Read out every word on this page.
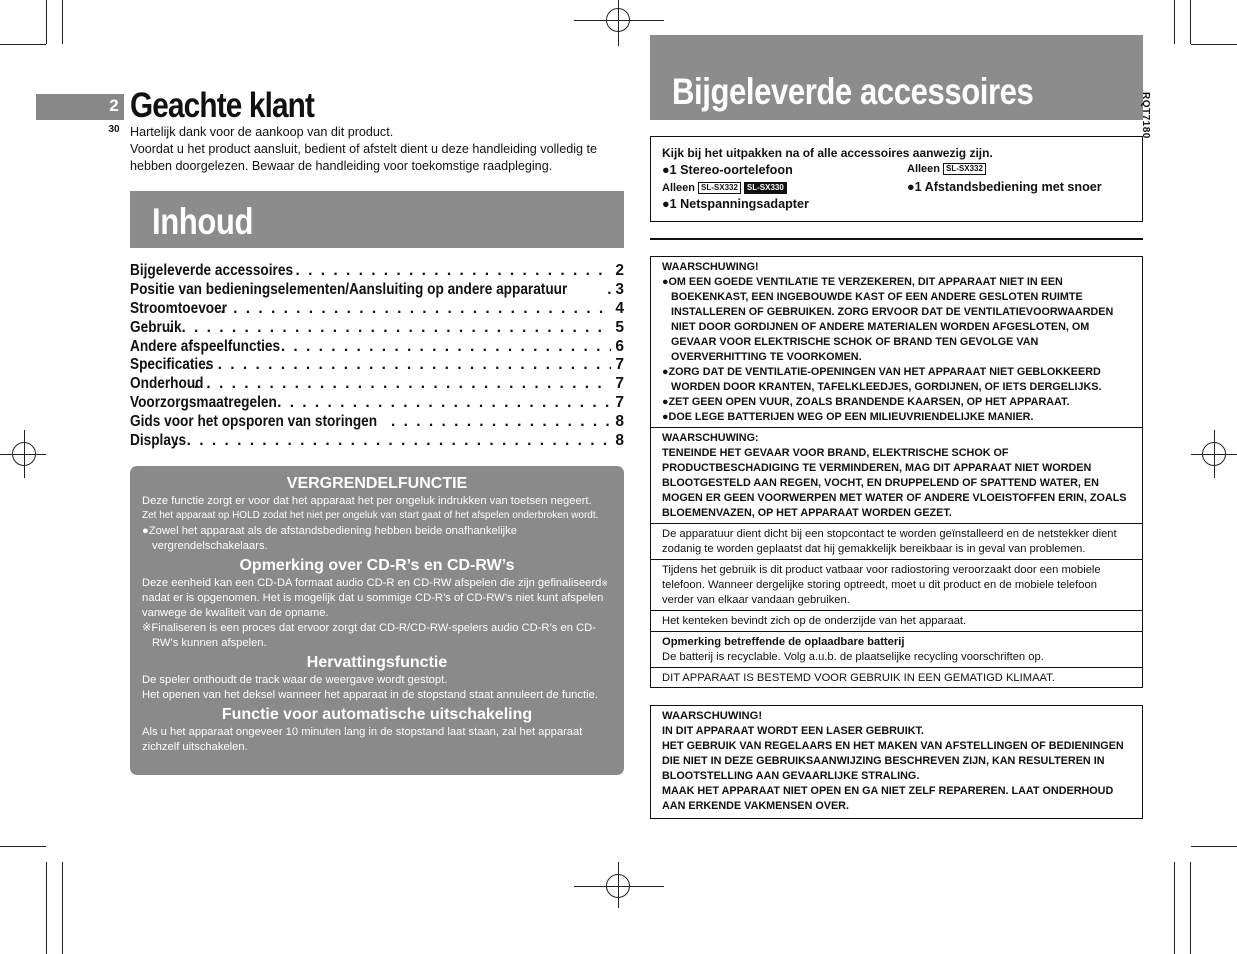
2
30
Geachte klant

Hartelijk dank voor de aankoop van dit product.

Voordat u het product aansluit, bedient of afstelt dient u deze handleiding volledig te hebben doorgelezen. Bewaar de handleiding voor toekomstige raadpleging.

Inhoud
Bijgeleverde accessoires . . .	2
Positie van bedieningselementen/Aansluiting op andere apparatuur . . .	3
Stroomtoevoer . . .	4
Gebruik . . .	5
Andere afspeelfuncties . . .	6
Specificaties . . .	7
Onderhoud . . .	7
Voorzorgsmaatregelen . . .	7
Gids voor het opsporen van storingen . . .	8
Displays . . .	8
VERGRENDELFUNCTIE

Deze functie zorgt er voor dat het apparaat het per ongeluk indrukken van toetsen negeert.

Zet het apparaat op HOLD zodat het niet per ongeluk van start gaat of het afspelen onderbroken wordt.

●Zowel het apparaat als de afstandsbediening hebben beide onafhankelijke vergrendelschakelaars.

Opmerking over CD-R’s en CD-RW’s

Deze eenheid kan een CD-DA formaat audio CD-R en CD-RW afspelen die zijn gefinaliseerd※ nadat er is opgenomen. Het is mogelijk dat u sommige CD-R’s of CD-RW’s niet kunt afspelen vanwege de kwaliteit van de opname.

※Finaliseren is een proces dat ervoor zorgt dat CD-R/CD-RW-spelers audio CD-R’s en CD-RW’s kunnen afspelen.

Hervattingsfunctie

De speler onthoudt de track waar de weergave wordt gestopt.

Het openen van het deksel wanneer het apparaat in de stopstand staat annuleert de functie.

Functie voor automatische uitschakeling

Als u het apparaat ongeveer 10 minuten lang in de stopstand laat staan, zal het apparaat zichzelf uitschakelen.

Bijgeleverde accessoires
RQT7180
Kijk bij het uitpakken na of alle accessoires aanwezig zijn.
●1 Stereo-oortelefoon
Alleen SL-SX332 SL-SX330
●1 Netspanningsadapter
Alleen SL-SX332
●1 Afstandsbediening met snoer
WAARSCHUWING!
●OM EEN GOEDE VENTILATIE TE VERZEKEREN, DIT APPARAAT NIET IN EEN BOEKENKAST, EEN INGEBOUWDE KAST OF EEN ANDERE GESLOTEN RUIMTE INSTALLEREN OF GEBRUIKEN. ZORG ERVOOR DAT DE VENTILATIEVOORWAARDEN NIET DOOR GORDIJNEN OF ANDERE MATERIALEN WORDEN AFGESLOTEN, OM GEVAAR VOOR ELEKTRISCHE SCHOK OF BRAND TEN GEVOLGE VAN OVERVERHITTING TE VOORKOMEN.
●ZORG DAT DE VENTILATIE-OPENINGEN VAN HET APPARAAT NIET GEBLOKKEERD WORDEN DOOR KRANTEN, TAFELKLEEDJES, GORDIJNEN, OF IETS DERGELIJKS.
●ZET GEEN OPEN VUUR, ZOALS BRANDENDE KAARSEN, OP HET APPARAAT.
●DOE LEGE BATTERIJEN WEG OP EEN MILIEUVRIENDELIJKE MANIER.
WAARSCHUWING:
TENEINDE HET GEVAAR VOOR BRAND, ELEKTRISCHE SCHOK OF PRODUCTBESCHADIGING TE VERMINDEREN, MAG DIT APPARAAT NIET WORDEN BLOOTGESTELD AAN REGEN, VOCHT, EN DRUPPELEND OF SPATTEND WATER, EN MOGEN ER GEEN VOORWERPEN MET WATER OF ANDERE VLOEISTOFFEN ERIN, ZOALS BLOEMENVAZEN, OP HET APPARAAT WORDEN GEZET.
De apparatuur dient dicht bij een stopcontact te worden geïnstalleerd en de netstekker dient zodanig te worden geplaatst dat hij gemakkelijk bereikbaar is in geval van problemen.
Tijdens het gebruik is dit product vatbaar voor radiostoring veroorzaakt door een mobiele telefoon. Wanneer dergelijke storing optreedt, moet u dit product en de mobiele telefoon verder van elkaar vandaan gebruiken.
Het kenteken bevindt zich op de onderzijde van het apparaat.
Opmerking betreffende de oplaadbare batterij
De batterij is recyclable. Volg a.u.b. de plaatselijke recycling voorschriften op.
DIT APPARAAT IS BESTEMD VOOR GEBRUIK IN EEN GEMATIGD KLIMAAT.
WAARSCHUWING!
IN DIT APPARAAT WORDT EEN LASER GEBRUIKT.
HET GEBRUIK VAN REGELAARS EN HET MAKEN VAN AFSTELLINGEN OF BEDIENINGEN DIE NIET IN DEZE GEBRUIKSAANWIJZING BESCHREVEN ZIJN, KAN RESULTEREN IN BLOOTSTELLING AAN GEVAARLIJKE STRALING.
MAAK HET APPARAAT NIET OPEN EN GA NIET ZELF REPAREREN. LAAT ONDERHOUD AAN ERKENDE VAKMENSEN OVER.
